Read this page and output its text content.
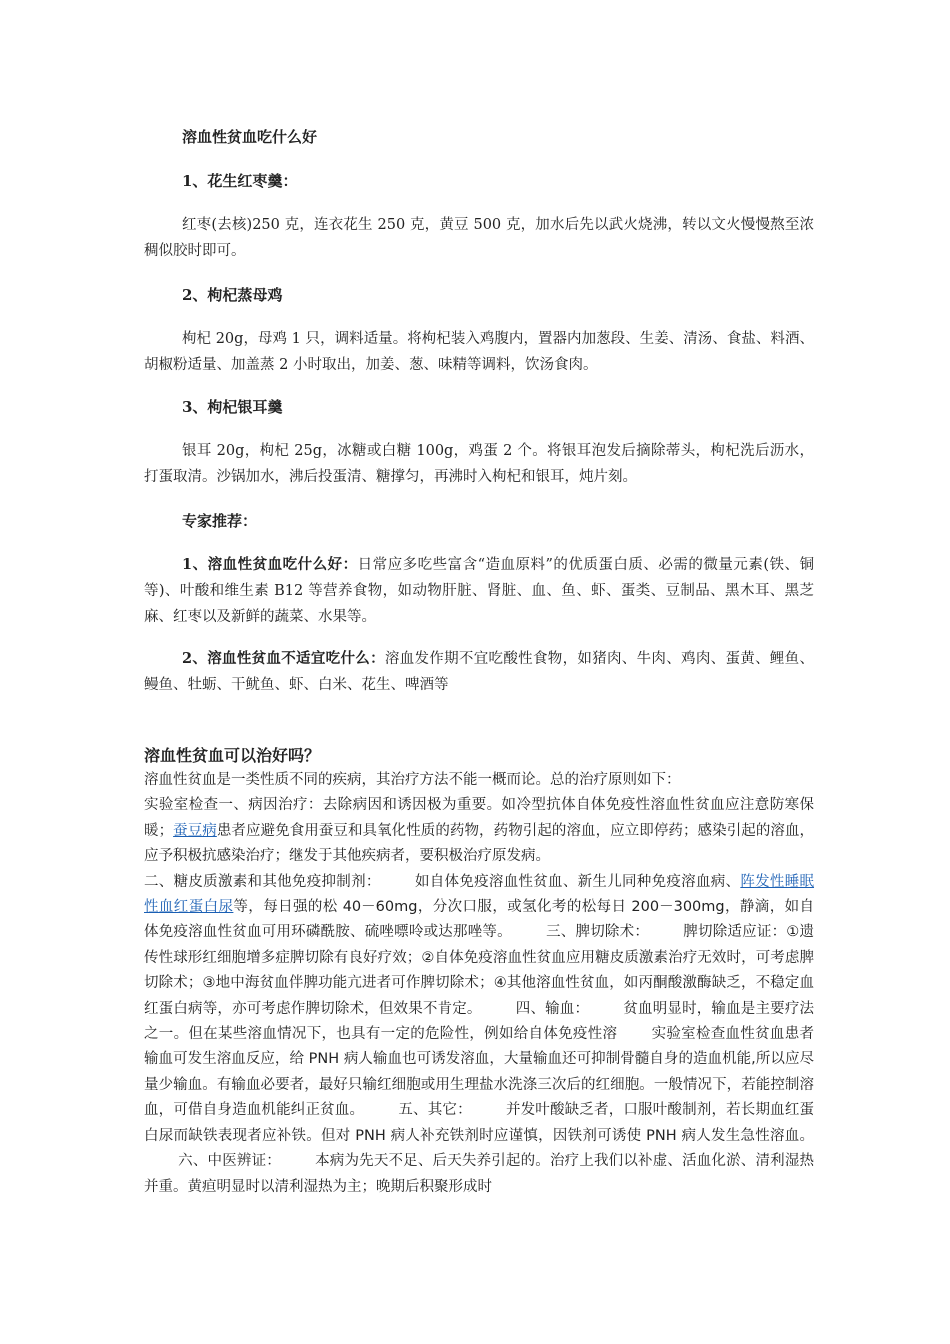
溶血性贫血吃什么好
1、花生红枣羹：
红枣(去核)250 克，连衣花生 250 克，黄豆 500 克，加水后先以武火烧沸，转以文火慢慢熬至浓稠似胶时即可。
2、枸杞蒸母鸡
枸杞 20g，母鸡 1 只，调料适量。将枸杞装入鸡腹内，置器内加葱段、生姜、清汤、食盐、料酒、胡椒粉适量、加盖蒸 2 小时取出，加姜、葱、味精等调料，饮汤食肉。
3、枸杞银耳羹
银耳 20g，枸杞 25g，冰糖或白糖 100g，鸡蛋 2 个。将银耳泡发后摘除蒂头，枸杞洗后沥水，打蛋取清。沙锅加水，沸后投蛋清、糖撑匀，再沸时入枸杞和银耳，炖片刻。
专家推荐：
1、溶血性贫血吃什么好：日常应多吃些富含“造血原料”的优质蛋白质、必需的微量元素(铁、铜等)、叶酸和维生素 B12 等营养食物，如动物肝脏、肾脏、血、鱼、虾、蛋类、豆制品、黑木耳、黑芝麻、红枣以及新鲜的蔬菜、水果等。
2、溶血性贫血不适宜吃什么：溶血发作期不宜吃酸性食物，如猪肉、牛肉、鸡肉、蛋黄、鲤鱼、鳗鱼、牡蛎、干鱿鱼、虾、白米、花生、啤酒等
溶血性贫血可以治好吗？

溶血性贫血是一类性质不同的疾病，其治疗方法不能一概而论。总的治疗原则如下：

实验室检查一、病因治疗：去除病因和诱因极为重要。如冷型抗体自体免疫性溶血性贫血应注意防寒保暖；蚕豆病患者应避免食用蚕豆和具氧化性质的药物，药物引起的溶血，应立即停药；感染引起的溶血，应予积极抗感染治疗；继发于其他疾病者，要积极治疗原发病。

二、糖皮质激素和其他免疫抑制剂： 如自体免疫溶血性贫血、新生儿同种免疫溶血病、阵发性睡眠性血红蛋白尿等，每日强的松 40－60mg，分次口服，或氢化考的松每日 200－300mg，静滴，如自体免疫溶血性贫血可用环磷酰胺、硫唑嘌呤或达那唑等。 三、脾切除术： 脾切除适应证：①遗传性球形红细胞增多症脾切除有良好疗效；②自体免疫溶血性贫血应用糖皮质激素治疗无效时，可考虑脾切除术；③地中海贫血伴脾功能亢进者可作脾切除术；④其他溶血性贫血，如丙酮酸激酶缺乏，不稳定血红蛋白病等，亦可考虑作脾切除术，但效果不肯定。 四、输血： 贫血明显时，输血是主要疗法之一。但在某些溶血情况下，也具有一定的危险性，例如给自体免疫性溶 实验室检查血性贫血患者输血可发生溶血反应，给 PNH 病人输血也可诱发溶血，大量输血还可抑制骨髓自身的造血机能,所以应尽量少输血。有输血必要者，最好只输红细胞或用生理盐水洗涤三次后的红细胞。一般情况下，若能控制溶血，可借自身造血机能纠正贫血。 五、其它： 并发叶酸缺乏者，口服叶酸制剂，若长期血红蛋白尿而缺铁表现者应补铁。但对 PNH 病人补充铁剂时应谨慎，因铁剂可诱使 PNH 病人发生急性溶血。六、中医辨证： 本病为先天不足、后天失养引起的。治疗上我们以补虚、活血化淤、清利湿热并重。黄疸明显时以清利湿热为主；晚期后积聚形成时
